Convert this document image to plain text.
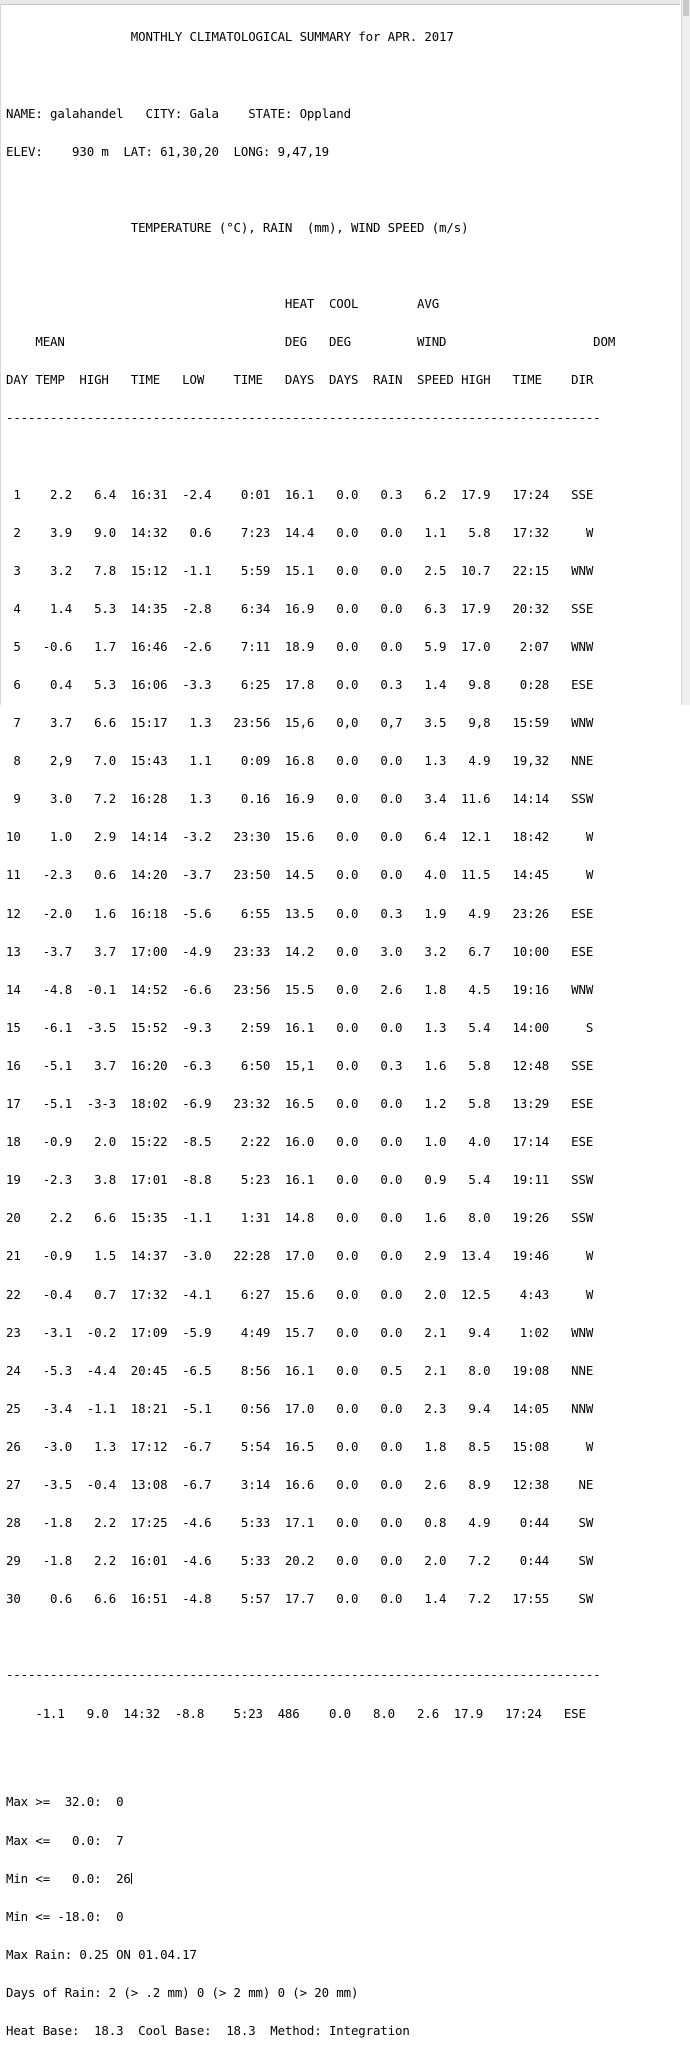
MONTHLY CLIMATOLOGICAL SUMMARY for APR. 2017

NAME: galahandel   CITY: Gala    STATE: Oppland

ELEV:    930 m  LAT: 61,30,20  LONG: 9,47,19

TEMPERATURE (°C), RAIN  (mm), WIND SPEED (m/s)

HEAT  COOL        AVG

MEAN                              DEG   DEG         WIND                    DOM

DAY TEMP  HIGH   TIME   LOW    TIME   DAYS  DAYS  RAIN  SPEED HIGH   TIME    DIR

---------------------------------------------------------------------------------

1    2.2   6.4  16:31  -2.4    0:01  16.1   0.0   0.3   6.2  17.9   17:24   SSE

2    3.9   9.0  14:32   0.6    7:23  14.4   0.0   0.0   1.1   5.8   17:32     W

3    3.2   7.8  15:12  -1.1    5:59  15.1   0.0   0.0   2.5  10.7   22:15   WNW

4    1.4   5.3  14:35  -2.8    6:34  16.9   0.0   0.0   6.3  17.9   20:32   SSE

5   -0.6   1.7  16:46  -2.6    7:11  18.9   0.0   0.0   5.9  17.0    2:07   WNW

6    0.4   5.3  16:06  -3.3    6:25  17.8   0.0   0.3   1.4   9.8    0:28   ESE

7    3.7   6.6  15:17   1.3   23:56  15,6   0,0   0,7   3.5   9,8   15:59   WNW

8    2,9   7.0  15:43   1.1    0:09  16.8   0.0   0.0   1.3   4.9   19,32   NNE

9    3.0   7.2  16:28   1.3    0.16  16.9   0.0   0.0   3.4  11.6   14:14   SSW

10    1.0   2.9  14:14  -3.2   23:30  15.6   0.0   0.0   6.4  12.1   18:42     W

11   -2.3   0.6  14:20  -3.7   23:50  14.5   0.0   0.0   4.0  11.5   14:45     W

12   -2.0   1.6  16:18  -5.6    6:55  13.5   0.0   0.3   1.9   4.9   23:26   ESE

13   -3.7   3.7  17:00  -4.9   23:33  14.2   0.0   3.0   3.2   6.7   10:00   ESE

14   -4.8  -0.1  14:52  -6.6   23:56  15.5   0.0   2.6   1.8   4.5   19:16   WNW

15   -6.1  -3.5  15:52  -9.3    2:59  16.1   0.0   0.0   1.3   5.4   14:00     S

16   -5.1   3.7  16:20  -6.3    6:50  15,1   0.0   0.3   1.6   5.8   12:48   SSE

17   -5.1  -3-3  18:02  -6.9   23:32  16.5   0.0   0.0   1.2   5.8   13:29   ESE

18   -0.9   2.0  15:22  -8.5    2:22  16.0   0.0   0.0   1.0   4.0   17:14   ESE

19   -2.3   3.8  17:01  -8.8    5:23  16.1   0.0   0.0   0.9   5.4   19:11   SSW

20    2.2   6.6  15:35  -1.1    1:31  14.8   0.0   0.0   1.6   8.0   19:26   SSW

21   -0.9   1.5  14:37  -3.0   22:28  17.0   0.0   0.0   2.9  13.4   19:46     W

22   -0.4   0.7  17:32  -4.1    6:27  15.6   0.0   0.0   2.0  12.5    4:43     W

23   -3.1  -0.2  17:09  -5.9    4:49  15.7   0.0   0.0   2.1   9.4    1:02   WNW

24   -5.3  -4.4  20:45  -6.5    8:56  16.1   0.0   0.5   2.1   8.0   19:08   NNE

25   -3.4  -1.1  18:21  -5.1    0:56  17.0   0.0   0.0   2.3   9.4   14:05   NNW

26   -3.0   1.3  17:12  -6.7    5:54  16.5   0.0   0.0   1.8   8.5   15:08     W

27   -3.5  -0.4  13:08  -6.7    3:14  16.6   0.0   0.0   2.6   8.9   12:38    NE

28   -1.8   2.2  17:25  -4.6    5:33  17.1   0.0   0.0   0.8   4.9    0:44    SW

29   -1.8   2.2  16:01  -4.6    5:33  20.2   0.0   0.0   2.0   7.2    0:44    SW

30    0.6   6.6  16:51  -4.8    5:57  17.7   0.0   0.0   1.4   7.2   17:55    SW

---------------------------------------------------------------------------------

-1.1   9.0  14:32  -8.8    5:23  486    0.0   8.0   2.6  17.9   17:24   ESE

Max >=  32.0:  0

Max <=   0.0:  7

Min <=   0.0:  26

Min <= -18.0:  0

Max Rain: 0.25 ON 01.04.17

Days of Rain: 2 (> .2 mm) 0 (> 2 mm) 0 (> 20 mm)

Heat Base:  18.3  Cool Base:  18.3  Method: Integration
